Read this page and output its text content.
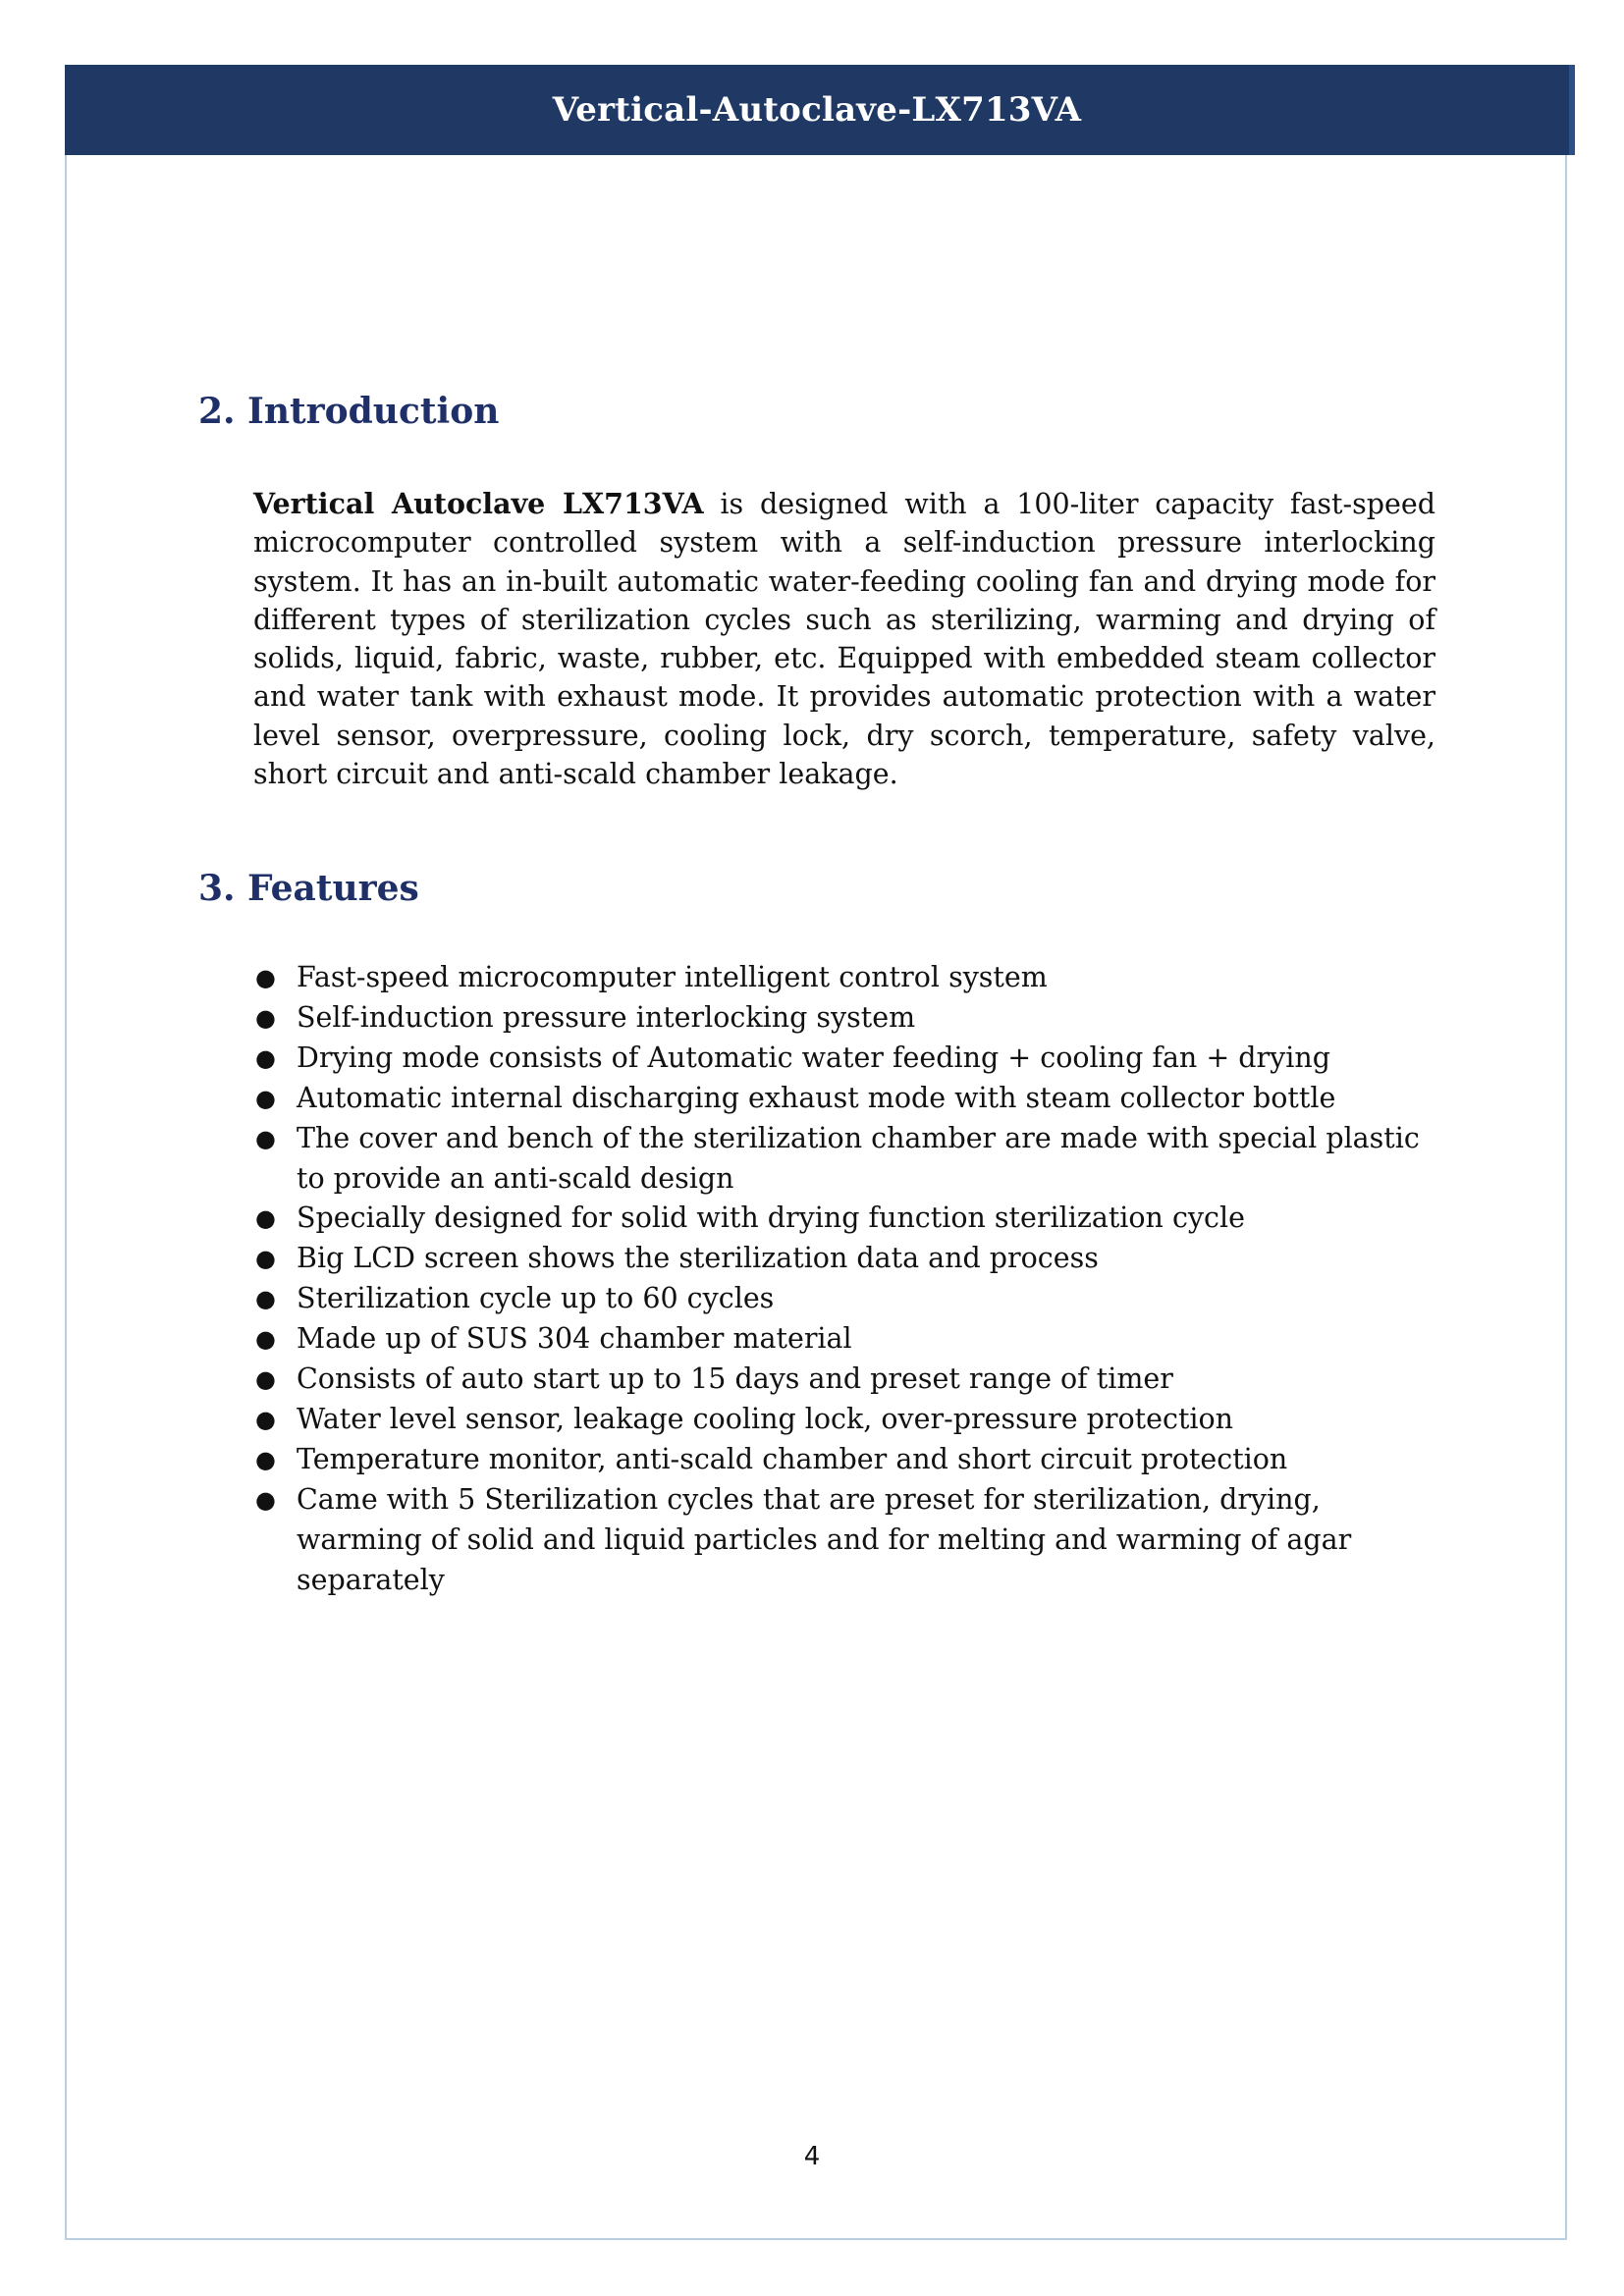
Vertical-Autoclave-LX713VA
2. Introduction

Vertical Autoclave LX713VA is designed with a 100-liter capacity fast-speed microcomputer controlled system with a self-induction pressure interlocking system. It has an in-built automatic water-feeding cooling fan and drying mode for different types of sterilization cycles such as sterilizing, warming and drying of solids, liquid, fabric, waste, rubber, etc. Equipped with embedded steam collector and water tank with exhaust mode. It provides automatic protection with a water level sensor, overpressure, cooling lock, dry scorch, temperature, safety valve, short circuit and anti-scald chamber leakage.

3. Features
● Fast-speed microcomputer intelligent control system
● Self-induction pressure interlocking system
● Drying mode consists of Automatic water feeding + cooling fan + drying
● Automatic internal discharging exhaust mode with steam collector bottle
● The cover and bench of the sterilization chamber are made with special plastic to provide an anti-scald design
● Specially designed for solid with drying function sterilization cycle
● Big LCD screen shows the sterilization data and process
● Sterilization cycle up to 60 cycles
● Made up of SUS 304 chamber material
● Consists of auto start up to 15 days and preset range of timer
● Water level sensor, leakage cooling lock, over-pressure protection
● Temperature monitor, anti-scald chamber and short circuit protection
● Came with 5 Sterilization cycles that are preset for sterilization, drying, warming of solid and liquid particles and for melting and warming of agar separately
4
